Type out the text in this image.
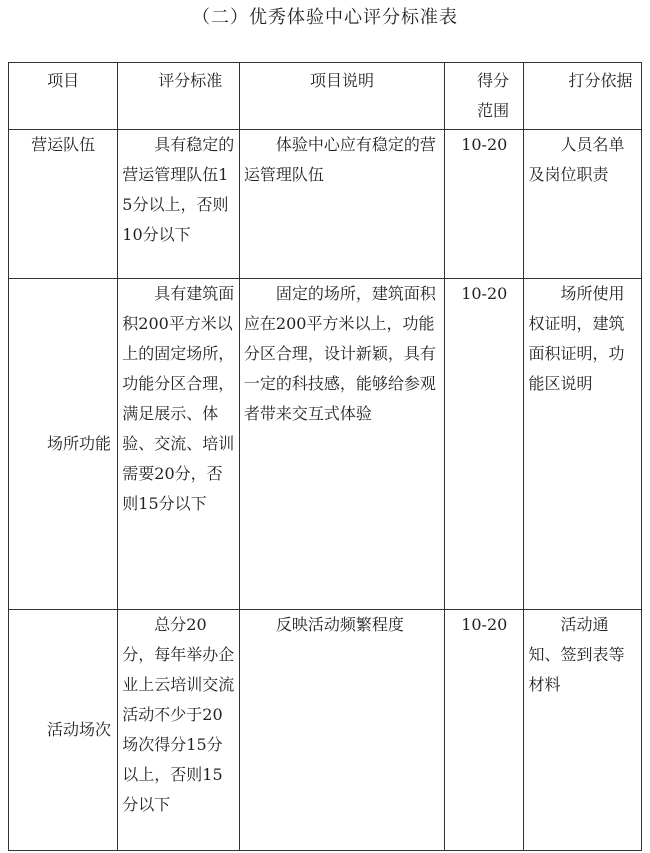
（二）优秀体验中心评分标准表
项目	评分标准	项目说明	得分范围	打分依据
营运队伍	具有稳定的营运管理队伍15分以上，否则10分以下	体验中心应有稳定的营运管理队伍	10-20	人员名单及岗位职责
场所功能	具有建筑面积200平方米以上的固定场所，功能分区合理，满足展示、体验、交流、培训需要20分，否则15分以下	固定的场所，建筑面积应在200平方米以上，功能分区合理，设计新颖，具有一定的科技感，能够给参观者带来交互式体验	10-20	场所使用权证明，建筑面积证明，功能区说明
活动场次	总分20分，每年举办企业上云培训交流活动不少于20场次得分15分以上，否则15分以下	反映活动频繁程度	10-20	活动通知、签到表等材料
